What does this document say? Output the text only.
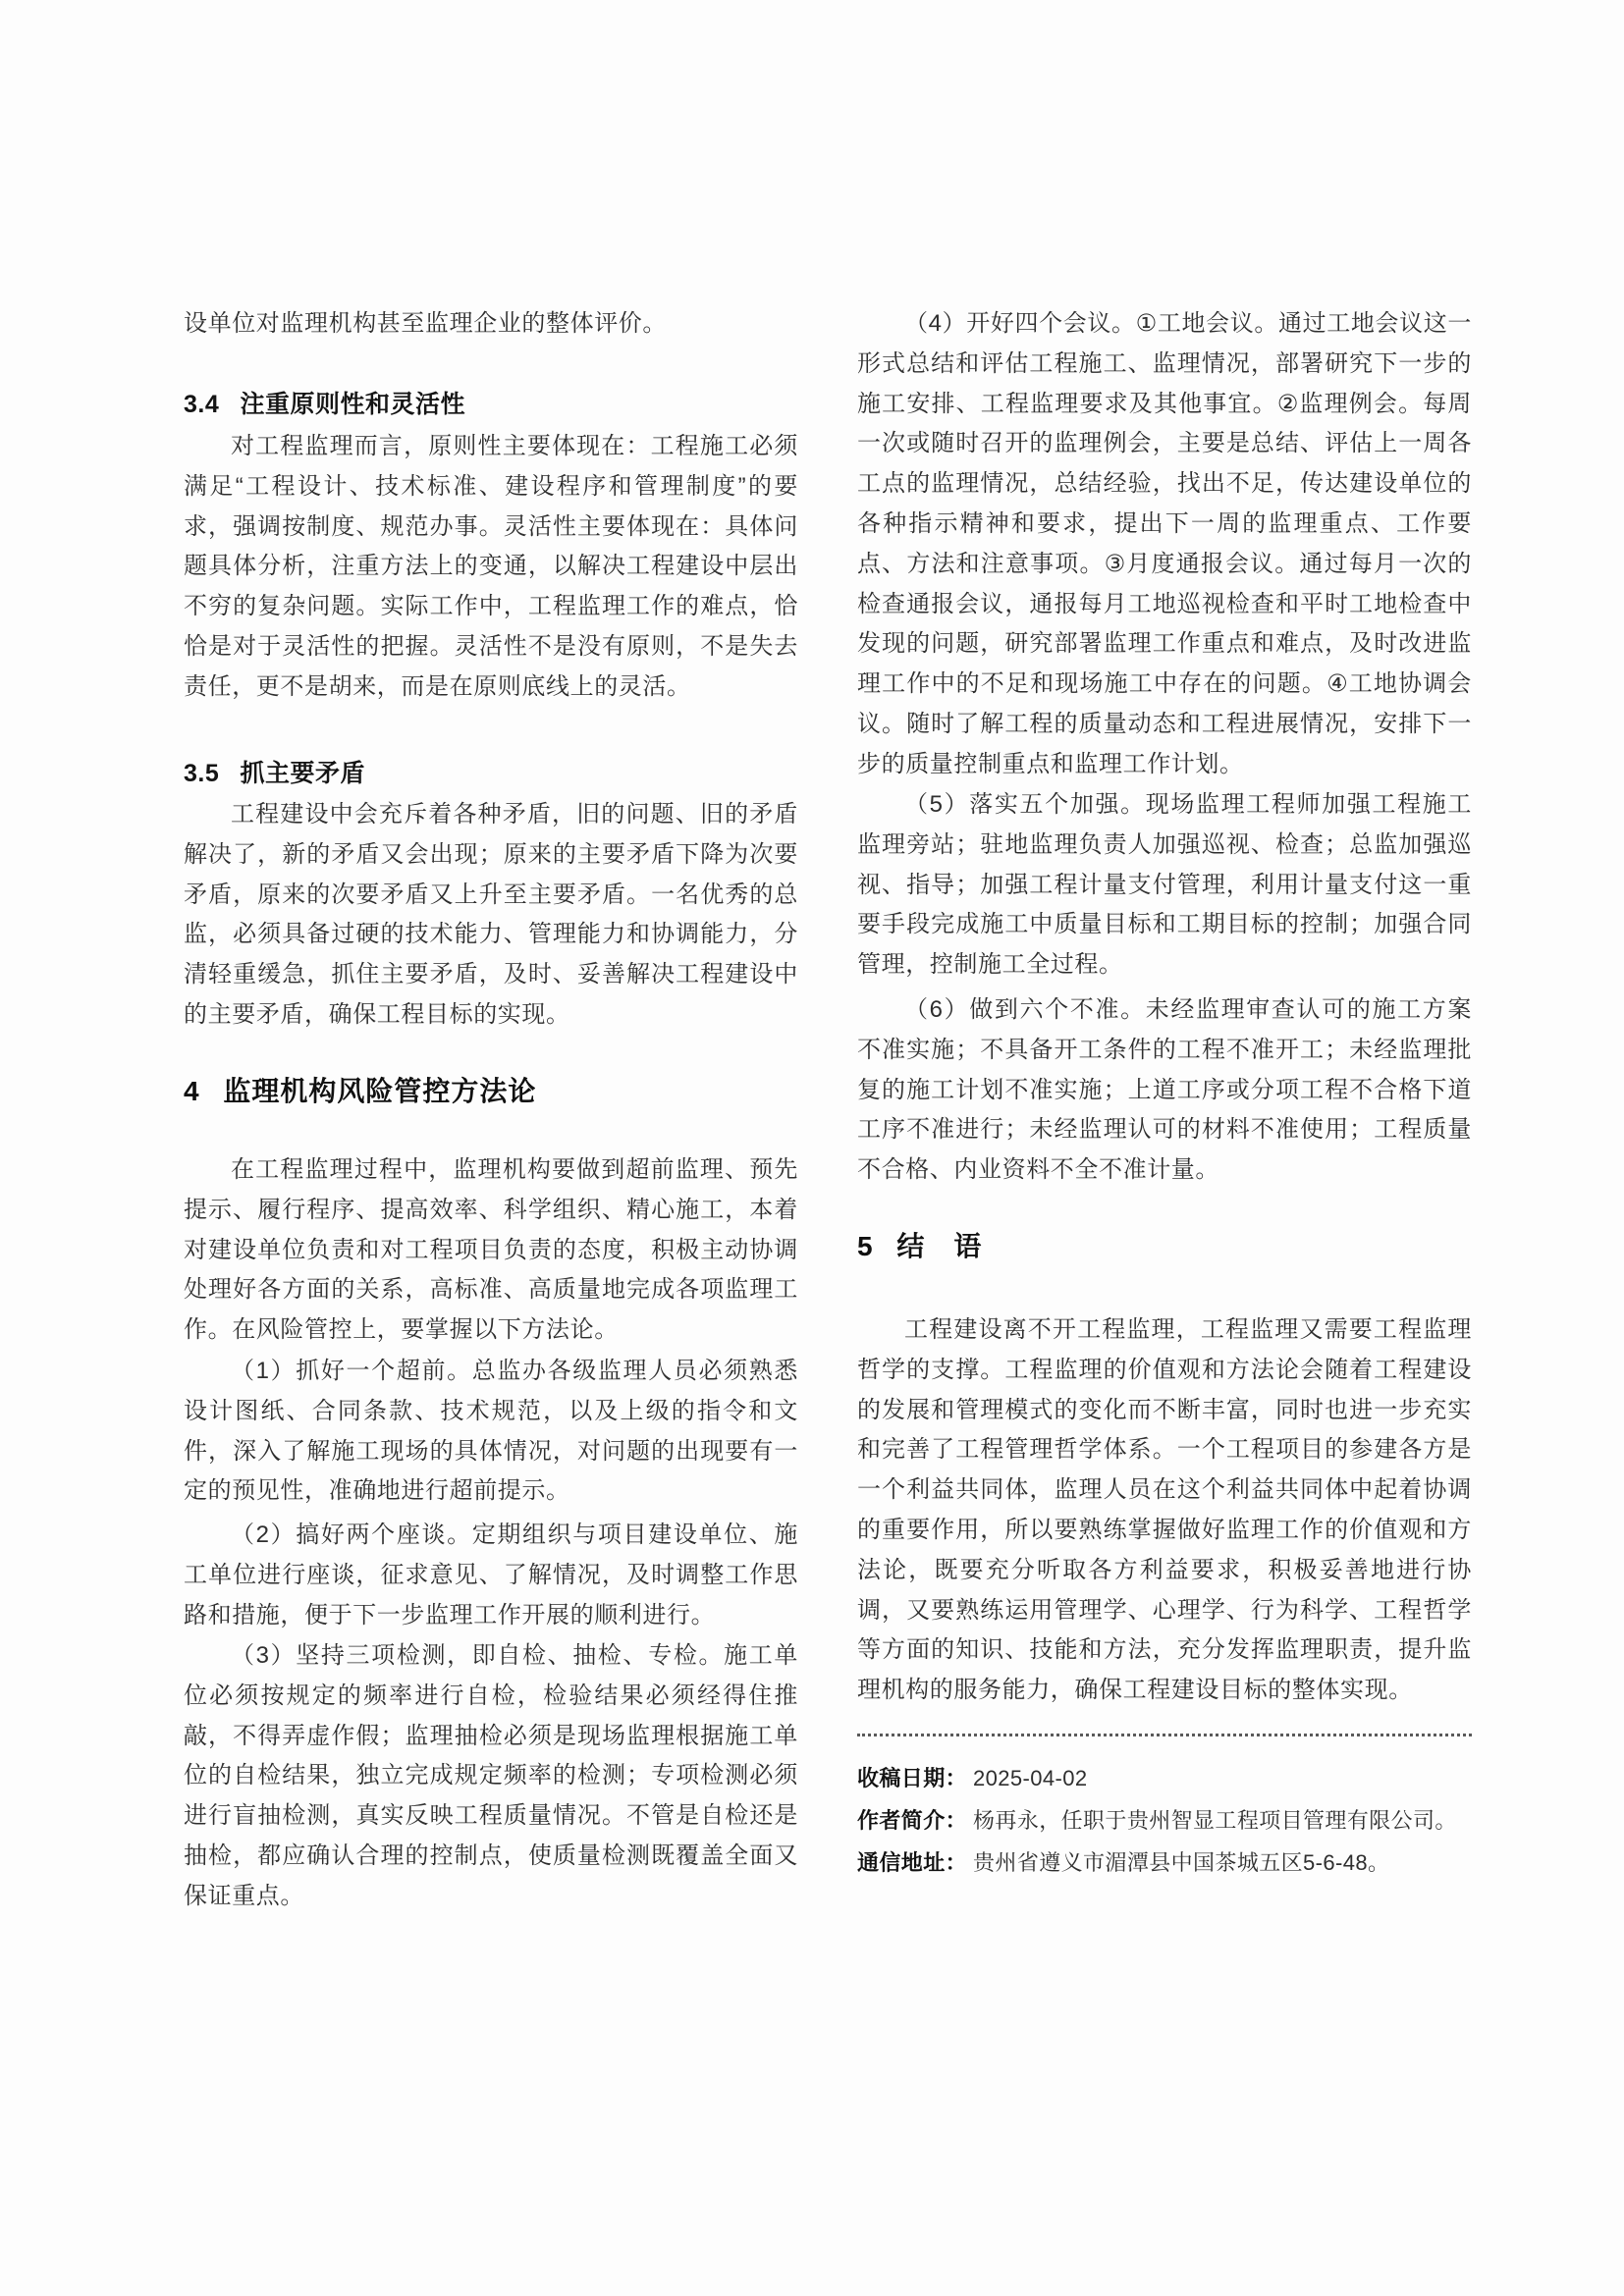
设单位对监理机构甚至监理企业的整体评价。

3.4 注重原则性和灵活性

对工程监理而言，原则性主要体现在：工程施工必须满足“工程设计、技术标准、建设程序和管理制度”的要求，强调按制度、规范办事。灵活性主要体现在：具体问题具体分析，注重方法上的变通，以解决工程建设中层出不穷的复杂问题。实际工作中，工程监理工作的难点，恰恰是对于灵活性的把握。灵活性不是没有原则，不是失去责任，更不是胡来，而是在原则底线上的灵活。

3.5 抓主要矛盾

工程建设中会充斥着各种矛盾，旧的问题、旧的矛盾解决了，新的矛盾又会出现；原来的主要矛盾下降为次要矛盾，原来的次要矛盾又上升至主要矛盾。一名优秀的总监，必须具备过硬的技术能力、管理能力和协调能力，分清轻重缓急，抓住主要矛盾，及时、妥善解决工程建设中的主要矛盾，确保工程目标的实现。

4 监理机构风险管控方法论

在工程监理过程中，监理机构要做到超前监理、预先提示、履行程序、提高效率、科学组织、精心施工，本着对建设单位负责和对工程项目负责的态度，积极主动协调处理好各方面的关系，高标准、高质量地完成各项监理工作。在风险管控上，要掌握以下方法论。

（1）抓好一个超前。总监办各级监理人员必须熟悉设计图纸、合同条款、技术规范，以及上级的指令和文件，深入了解施工现场的具体情况，对问题的出现要有一定的预见性，准确地进行超前提示。

（2）搞好两个座谈。定期组织与项目建设单位、施工单位进行座谈，征求意见、了解情况，及时调整工作思路和措施，便于下一步监理工作开展的顺利进行。

（3）坚持三项检测，即自检、抽检、专检。施工单位必须按规定的频率进行自检，检验结果必须经得住推敲，不得弄虚作假；监理抽检必须是现场监理根据施工单位的自检结果，独立完成规定频率的检测；专项检测必须进行盲抽检测，真实反映工程质量情况。不管是自检还是抽检，都应确认合理的控制点，使质量检测既覆盖全面又保证重点。

（4）开好四个会议。①工地会议。通过工地会议这一形式总结和评估工程施工、监理情况，部署研究下一步的施工安排、工程监理要求及其他事宜。②监理例会。每周一次或随时召开的监理例会，主要是总结、评估上一周各工点的监理情况，总结经验，找出不足，传达建设单位的各种指示精神和要求，提出下一周的监理重点、工作要点、方法和注意事项。③月度通报会议。通过每月一次的检查通报会议，通报每月工地巡视检查和平时工地检查中发现的问题，研究部署监理工作重点和难点，及时改进监理工作中的不足和现场施工中存在的问题。④工地协调会议。随时了解工程的质量动态和工程进展情况，安排下一步的质量控制重点和监理工作计划。

（5）落实五个加强。现场监理工程师加强工程施工监理旁站；驻地监理负责人加强巡视、检查；总监加强巡视、指导；加强工程计量支付管理，利用计量支付这一重要手段完成施工中质量目标和工期目标的控制；加强合同管理，控制施工全过程。

（6）做到六个不准。未经监理审查认可的施工方案不准实施；不具备开工条件的工程不准开工；未经监理批复的施工计划不准实施；上道工序或分项工程不合格下道工序不准进行；未经监理认可的材料不准使用；工程质量不合格、内业资料不全不准计量。

5 结　语

工程建设离不开工程监理，工程监理又需要工程监理哲学的支撑。工程监理的价值观和方法论会随着工程建设的发展和管理模式的变化而不断丰富，同时也进一步充实和完善了工程管理哲学体系。一个工程项目的参建各方是一个利益共同体，监理人员在这个利益共同体中起着协调的重要作用，所以要熟练掌握做好监理工作的价值观和方法论，既要充分听取各方利益要求，积极妥善地进行协调，又要熟练运用管理学、心理学、行为科学、工程哲学等方面的知识、技能和方法，充分发挥监理职责，提升监理机构的服务能力，确保工程建设目标的整体实现。

收稿日期： 2025-04-02
作者简介： 杨再永，任职于贵州智显工程项目管理有限公司。
通信地址： 贵州省遵义市湄潭县中国茶城五区5-6-48。
